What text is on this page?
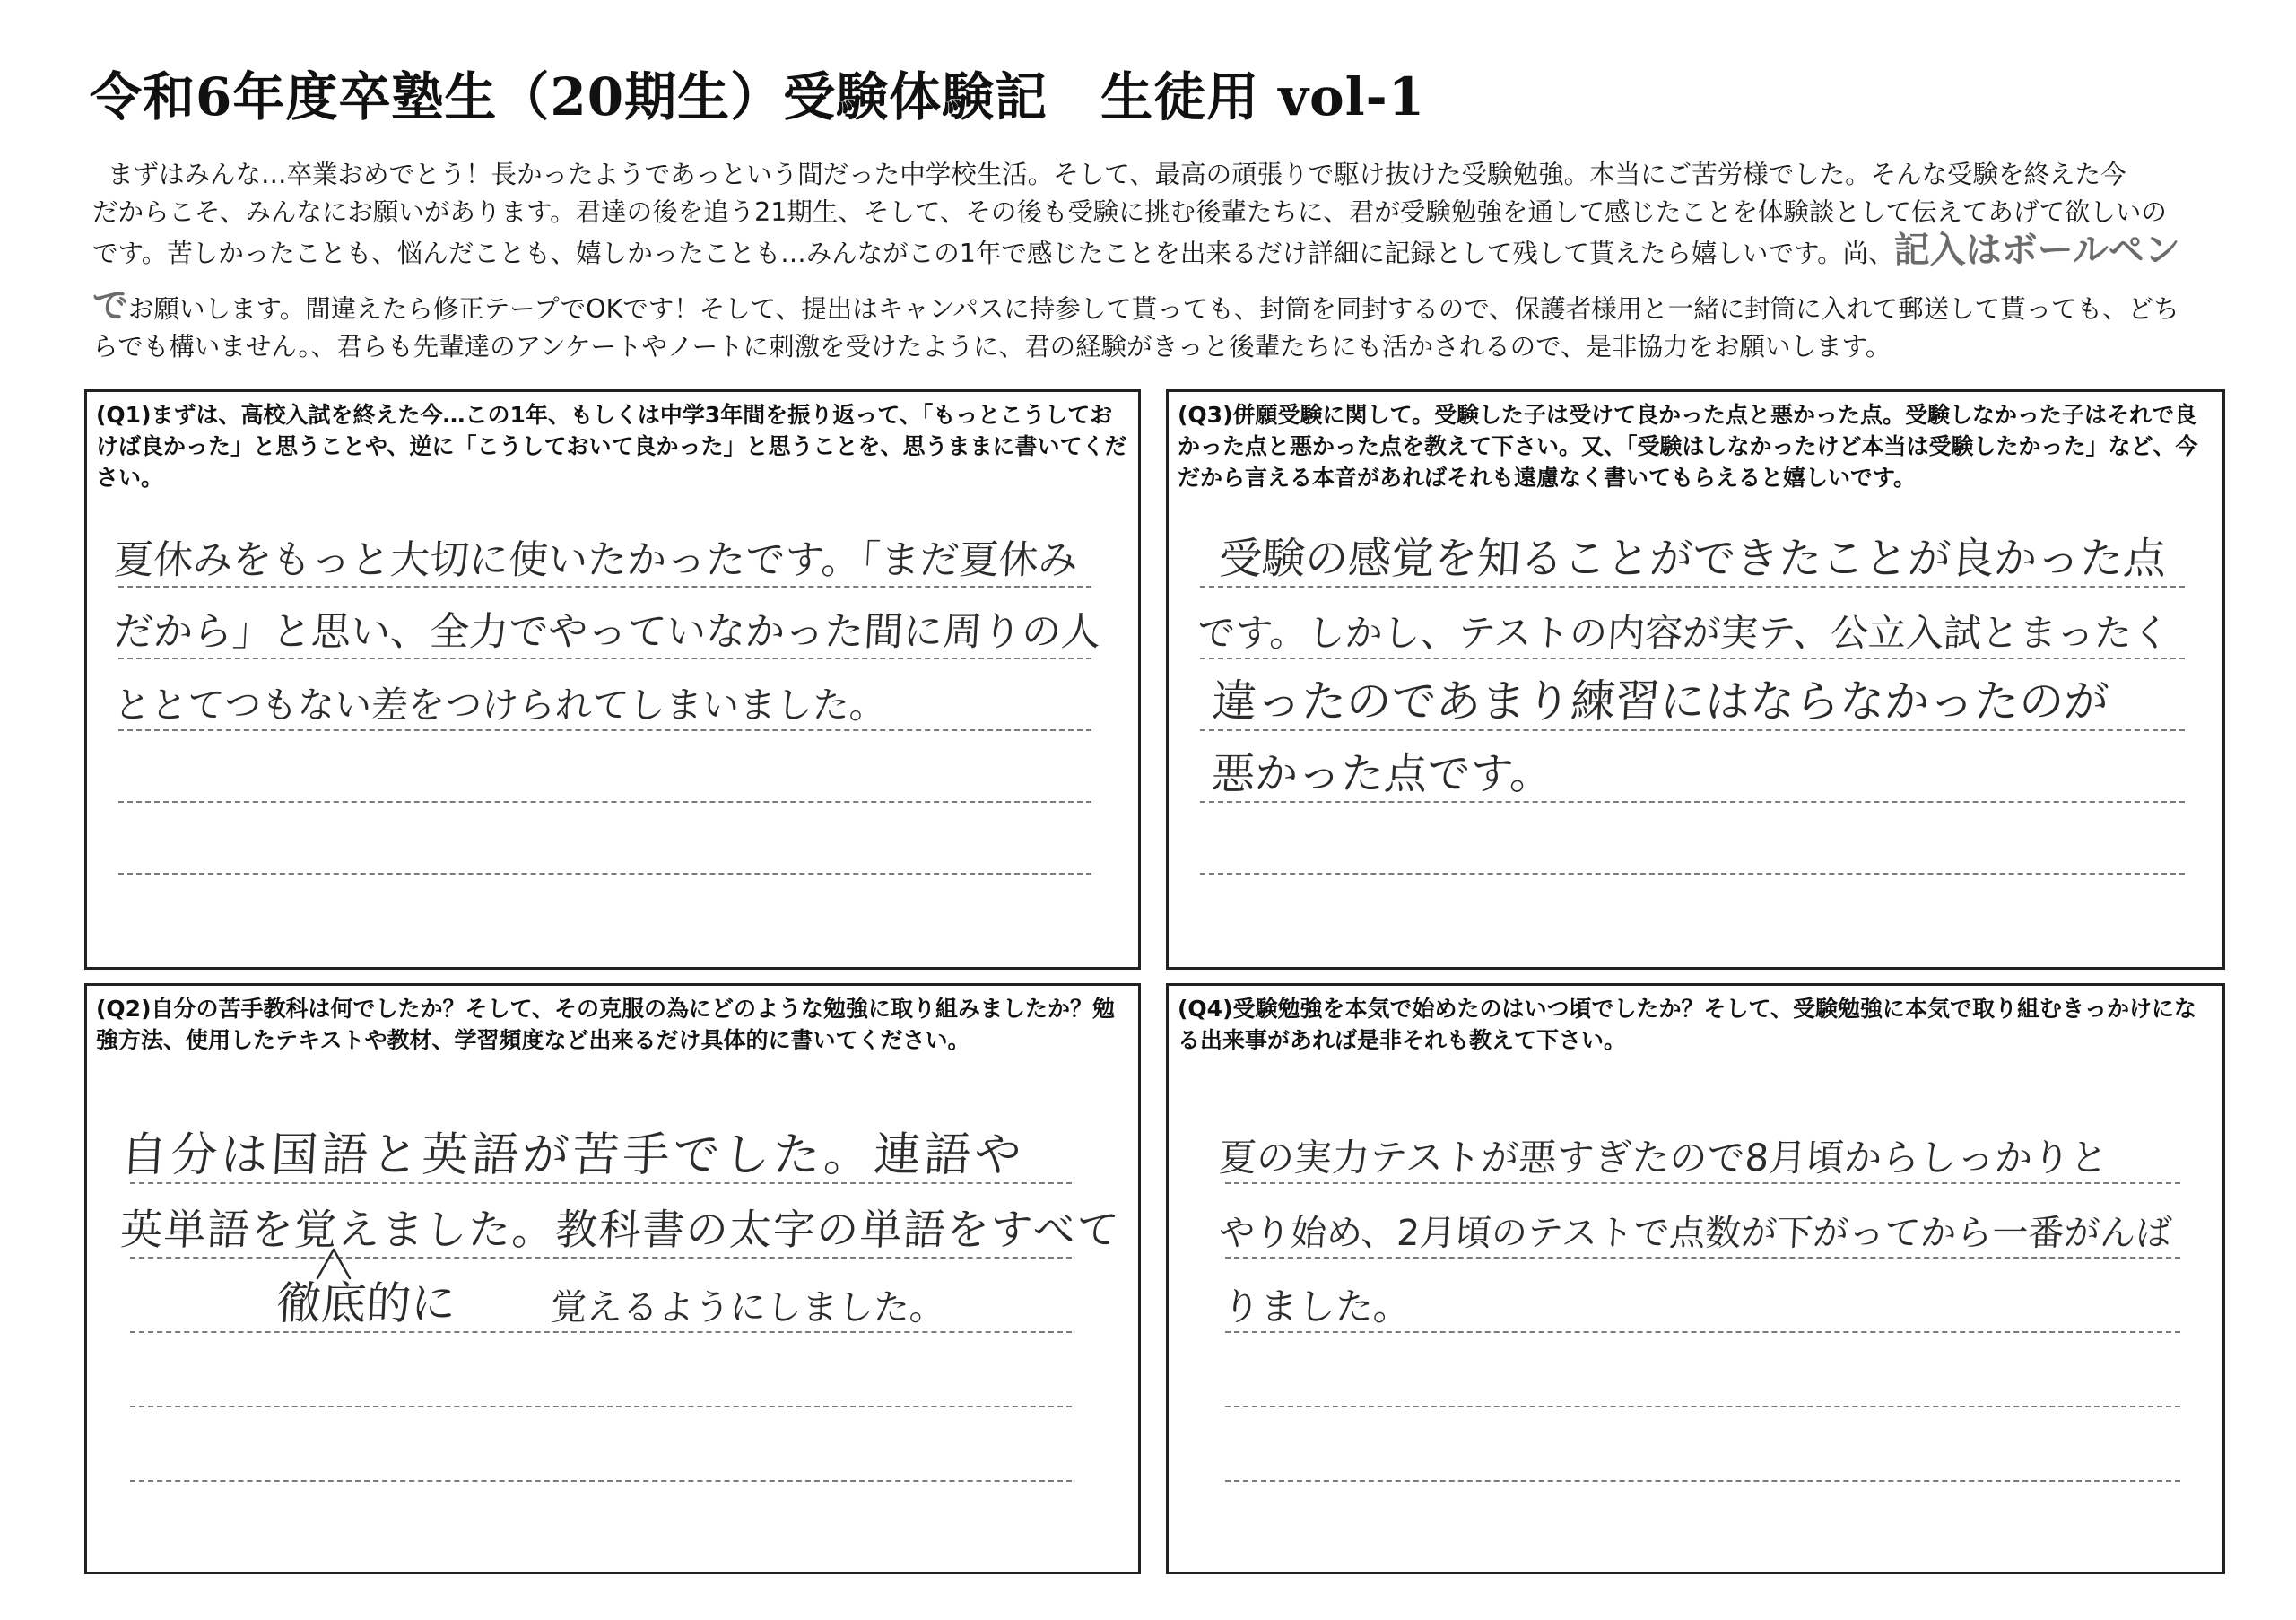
令和6年度卒塾生（20期生）受験体験記　生徒用 vol-1
まずはみんな…卒業おめでとう！長かったようであっという間だった中学校生活。そして、最高の頑張りで駆け抜けた受験勉強。本当にご苦労様でした。そんな受験を終えた今
だからこそ、みんなにお願いがあります。君達の後を追う21期生、そして、その後も受験に挑む後輩たちに、君が受験勉強を通して感じたことを体験談として伝えてあげて欲しいの
です。苦しかったことも、悩んだことも、嬉しかったことも…みんながこの1年で感じたことを出来るだけ詳細に記録として残して貰えたら嬉しいです。尚、記入はボールペン
でお願いします。間違えたら修正テープでOKです！そして、提出はキャンパスに持参して貰っても、封筒を同封するので、保護者様用と一緒に封筒に入れて郵送して貰っても、どち
らでも構いません。、君らも先輩達のアンケートやノートに刺激を受けたように、君の経験がきっと後輩たちにも活かされるので、是非協力をお願いします。

(Q1)まずは、高校入試を終えた今…この1年、もしくは中学3年間を振り返って、「もっとこうしておけば良かった」と思うことや、逆に「こうしておいて良かった」と思うことを、思うままに書いてください。

夏休みをもっと大切に使いたかったです。「まだ夏休み
だから」と思い、全力でやっていなかった間に周りの人
ととてつもない差をつけられてしまいました。

(Q3)併願受験に関して。受験した子は受けて良かった点と悪かった点。受験しなかった子はそれで良かった点と悪かった点を教えて下さい。又、「受験はしなかったけど本当は受験したかった」など、今だから言える本音があればそれも遠慮なく書いてもらえると嬉しいです。

受験の感覚を知ることができたことが良かった点
です。しかし、テストの内容が実テ、公立入試とまったく
違ったのであまり練習にはならなかったのが
悪かった点です。

(Q2)自分の苦手教科は何でしたか？そして、その克服の為にどのような勉強に取り組みましたか？勉強方法、使用したテキストや教材、学習頻度など出来るだけ具体的に書いてください。

自分は国語と英語が苦手でした。連語や
英単語を覚えました。教科書の太字の単語をすべて
徹底的に	覚えるようにしました。

(Q4)受験勉強を本気で始めたのはいつ頃でしたか？そして、受験勉強に本気で取り組むきっかけになる出来事があれば是非それも教えて下さい。

夏の実力テストが悪すぎたので8月頃からしっかりと
やり始め、2月頃のテストで点数が下がってから一番がんば
りました。
